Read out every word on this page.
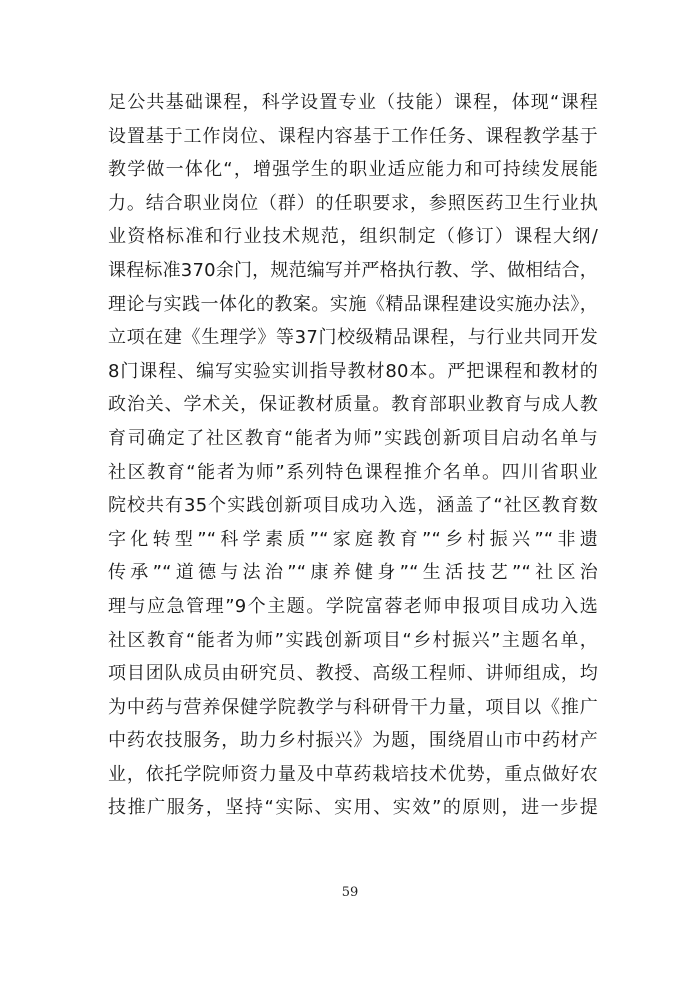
足公共基础课程，科学设置专业（技能）课程，体现“课程
设置基于工作岗位、课程内容基于工作任务、课程教学基于
教学做一体化“，增强学生的职业适应能力和可持续发展能
力。结合职业岗位（群）的任职要求，参照医药卫生行业执
业资格标准和行业技术规范，组织制定（修订）课程大纲/
课程标准370余门，规范编写并严格执行教、学、做相结合，
理论与实践一体化的教案。实施《精品课程建设实施办法》，
立项在建《生理学》等37门校级精品课程，与行业共同开发
8门课程、编写实验实训指导教材80本。严把课程和教材的
政治关、学术关，保证教材质量。教育部职业教育与成人教
育司确定了社区教育“能者为师”实践创新项目启动名单与
社区教育“能者为师”系列特色课程推介名单。四川省职业
院校共有35个实践创新项目成功入选，涵盖了“社区教育数
字化转型”“科学素质”“家庭教育”“乡村振兴”“非遗
传承”“道德与法治”“康养健身”“生活技艺”“社区治
理与应急管理”9个主题。学院富蓉老师申报项目成功入选
社区教育“能者为师”实践创新项目“乡村振兴”主题名单，
项目团队成员由研究员、教授、高级工程师、讲师组成，均
为中药与营养保健学院教学与科研骨干力量，项目以《推广
中药农技服务，助力乡村振兴》为题，围绕眉山市中药材产
业，依托学院师资力量及中草药栽培技术优势，重点做好农
技推广服务，坚持“实际、实用、实效”的原则，进一步提
59
